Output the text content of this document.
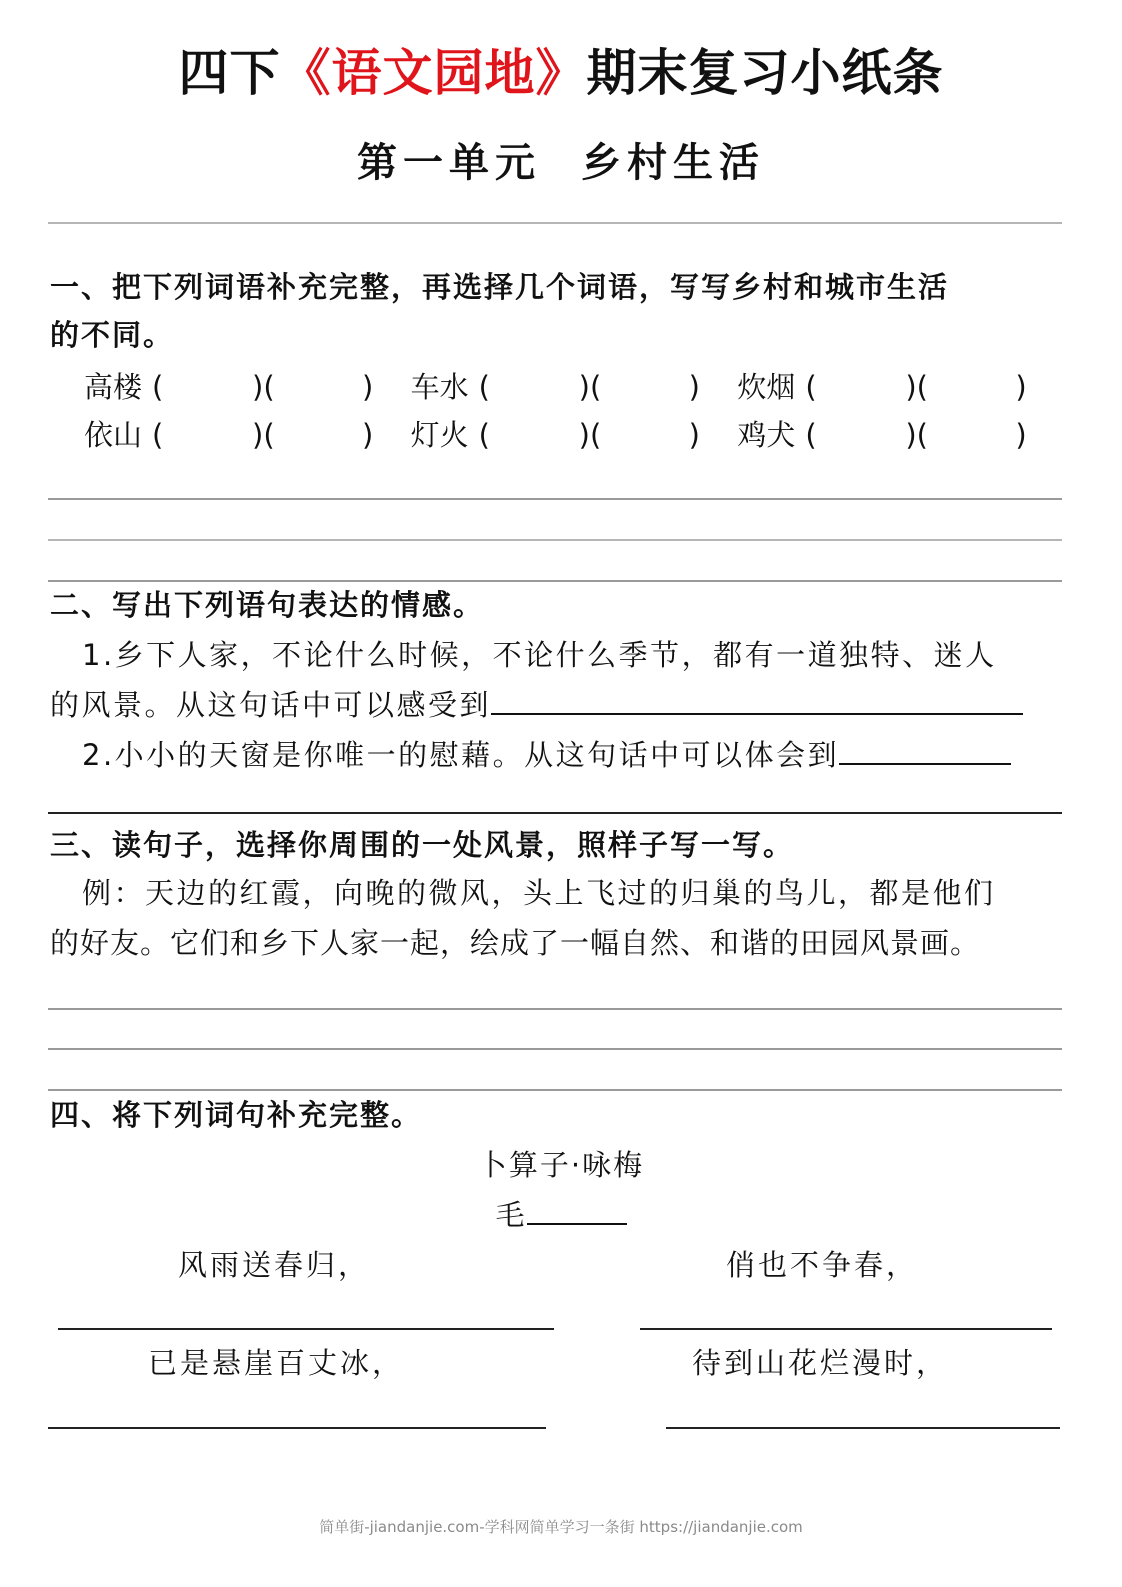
四下《语文园地》期末复习小纸条
第一单元 乡村生活
一、把下列词语补充完整，再选择几个词语，写写乡村和城市生活
的不同。
高楼 (	)(	) 车水 (	)(	) 炊烟 (	)(	)
依山 (	)(	) 灯火 (	)(	) 鸡犬 (	)(	)
二、写出下列语句表达的情感。
1.乡下人家，不论什么时候，不论什么季节，都有一道独特、迷人
的风景。从这句话中可以感受到
2.小小的天窗是你唯一的慰藉。从这句话中可以体会到
三、读句子，选择你周围的一处风景，照样子写一写。
例：天边的红霞，向晚的微风，头上飞过的归巢的鸟儿，都是他们
的好友。它们和乡下人家一起，绘成了一幅自然、和谐的田园风景画。
四、将下列词句补充完整。
卜算子·咏梅
毛
风雨送春归，	俏也不争春，
已是悬崖百丈冰，	待到山花烂漫时，
简单街-jiandanjie.com-学科网简单学习一条街 https://jiandanjie.com
